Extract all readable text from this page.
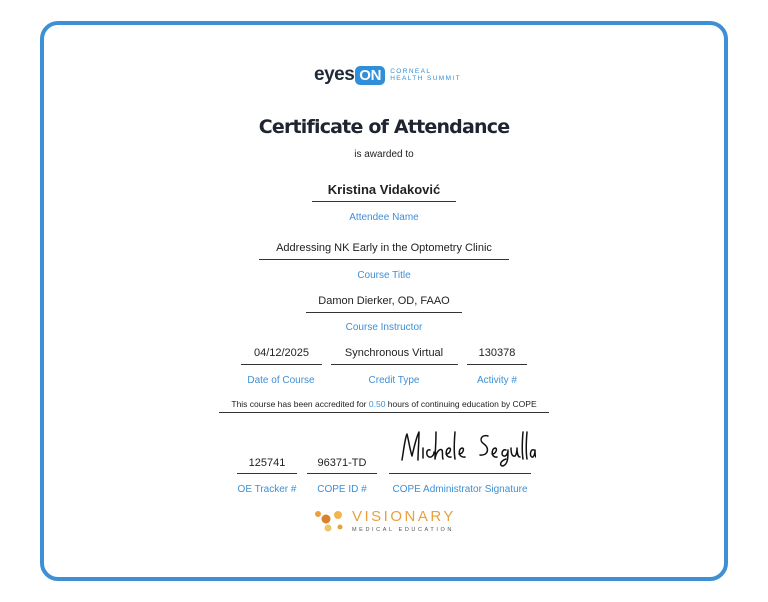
eyes ON	CORNEAL
HEALTH SUMMIT
Certificate of Attendance
is awarded to
Kristina Vidaković
Attendee Name
Addressing NK Early in the Optometry Clinic
Course Title
Damon Dierker, OD, FAAO
Course Instructor
04/12/2025
Date of Course
Synchronous Virtual
Credit Type
130378
Activity #
This course has been accredited for 0.50 hours of continuing education by COPE
125741
OE Tracker #
96371-TD
COPE ID #	COPE Administrator Signature
VISIONARY
MEDICAL EDUCATION
